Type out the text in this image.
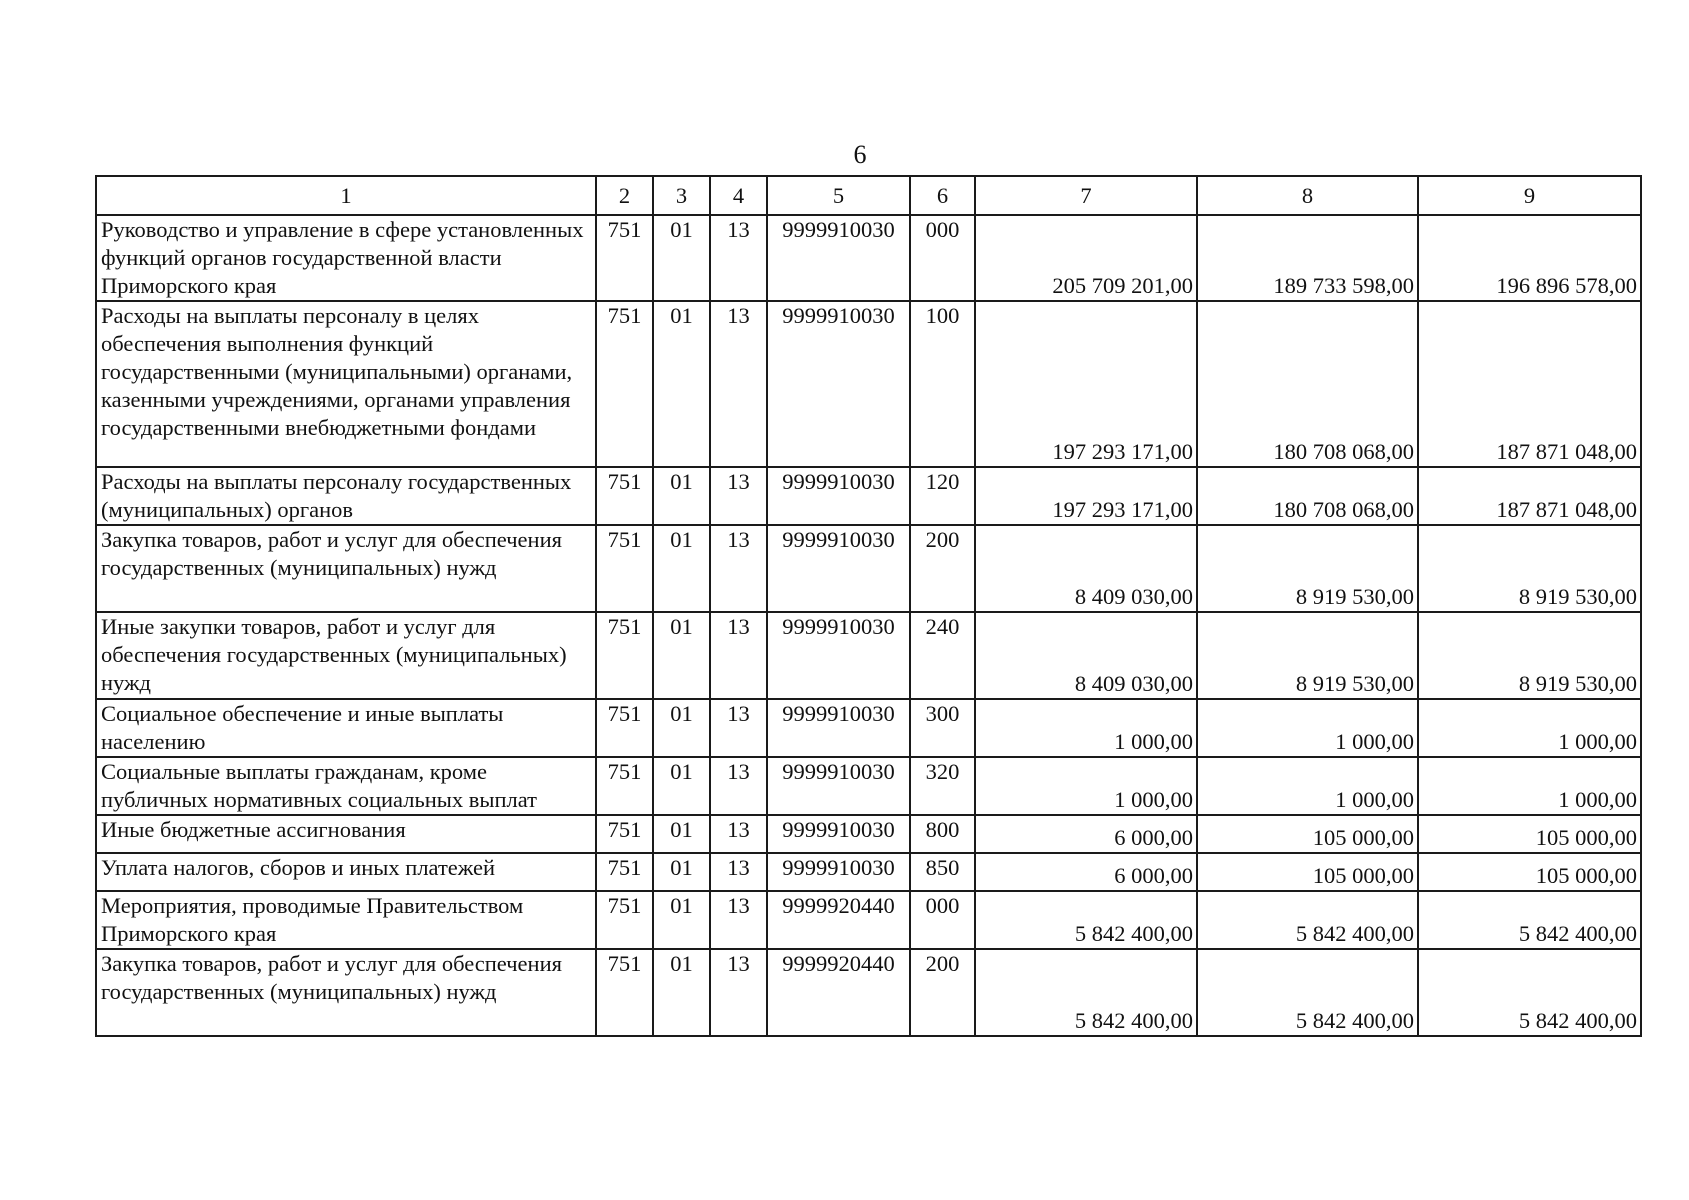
6
1	2	3	4	5	6	7	8	9
Руководство и управление в сфере установленных функций органов государственной власти Приморского края	751	01	13	9999910030	000	205 709 201,00	189 733 598,00	196 896 578,00
Расходы на выплаты персоналу в целях обеспечения выполнения функций государственными (муниципальными) органами, казенными учреждениями, органами управления государственными внебюджетными фондами	751	01	13	9999910030	100	197 293 171,00	180 708 068,00	187 871 048,00
Расходы на выплаты персоналу государственных (муниципальных) органов	751	01	13	9999910030	120	197 293 171,00	180 708 068,00	187 871 048,00
Закупка товаров, работ и услуг для обеспечения государственных (муниципальных) нужд	751	01	13	9999910030	200	8 409 030,00	8 919 530,00	8 919 530,00
Иные закупки товаров, работ и услуг для обеспечения государственных (муниципальных) нужд	751	01	13	9999910030	240	8 409 030,00	8 919 530,00	8 919 530,00
Социальное обеспечение и иные выплаты населению	751	01	13	9999910030	300	1 000,00	1 000,00	1 000,00
Социальные выплаты гражданам, кроме публичных нормативных социальных выплат	751	01	13	9999910030	320	1 000,00	1 000,00	1 000,00
Иные бюджетные ассигнования	751	01	13	9999910030	800	6 000,00	105 000,00	105 000,00
Уплата налогов, сборов и иных платежей	751	01	13	9999910030	850	6 000,00	105 000,00	105 000,00
Мероприятия, проводимые Правительством Приморского края	751	01	13	9999920440	000	5 842 400,00	5 842 400,00	5 842 400,00
Закупка товаров, работ и услуг для обеспечения государственных (муниципальных) нужд	751	01	13	9999920440	200	5 842 400,00	5 842 400,00	5 842 400,00
